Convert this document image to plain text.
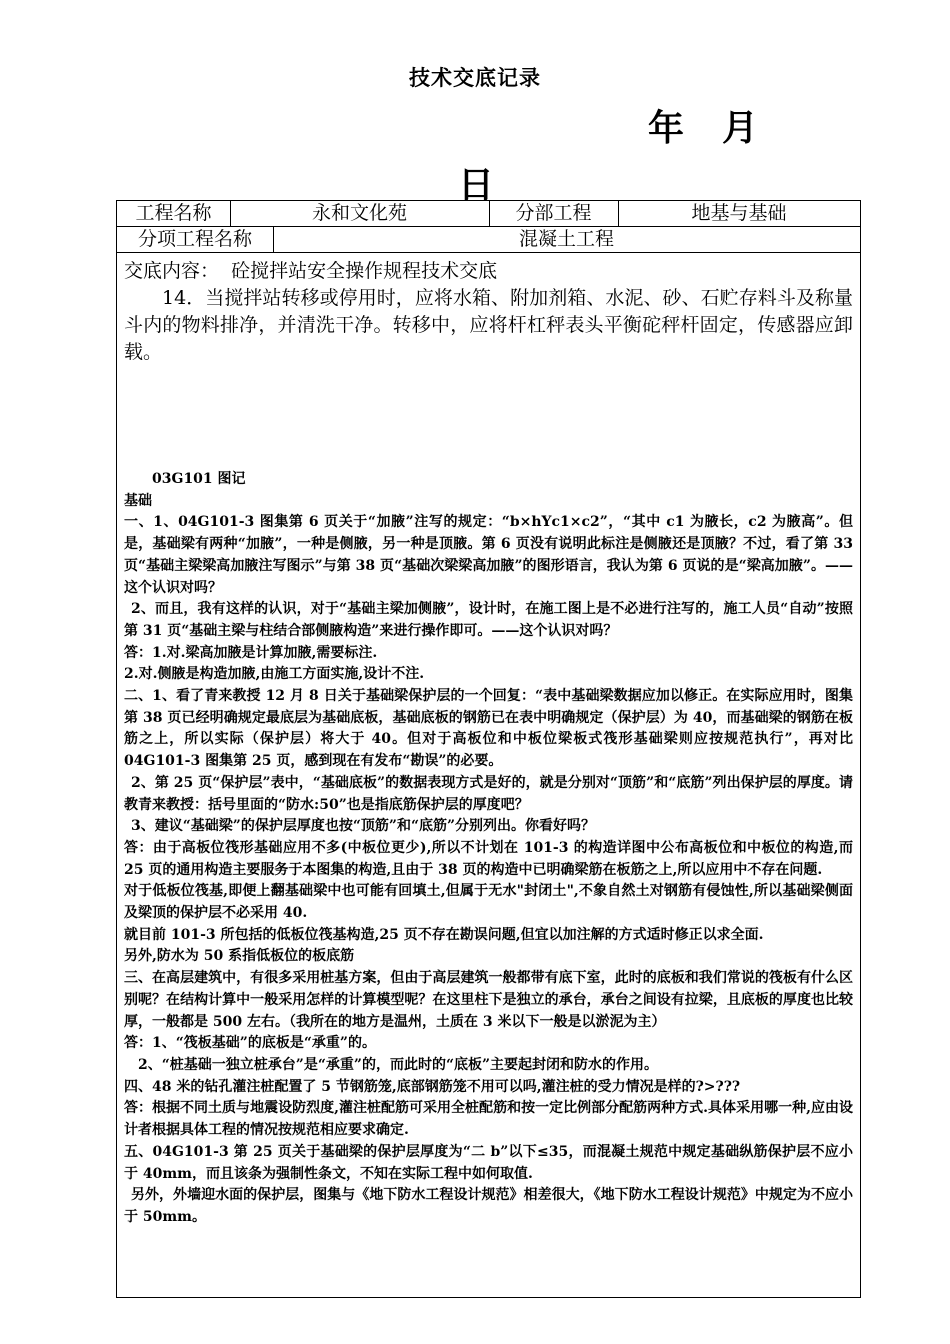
技术交底记录
年 月
日
工程名称	永和文化苑	分部工程	地基与基础
分项工程名称	混凝土工程

交底内容： 砼搅拌站安全操作规程技术交底

14．当搅拌站转移或停用时，应将水箱、附加剂箱、水泥、砂、石贮存料斗及称量斗内的物料排净，并清洗干净。转移中，应将杆杠秤表头平衡砣秤杆固定，传感器应卸载。

03G101 图记

基础

一、1、04G101-3 图集第 6 页关于“加腋”注写的规定：“b×hYc1×c2”，“其中 c1 为腋长，c2 为腋高”。但是，基础梁有两种“加腋”，一种是侧腋，另一种是顶腋。第 6 页没有说明此标注是侧腋还是顶腋？不过，看了第 33 页“基础主梁梁高加腋注写图示”与第 38 页“基础次梁梁高加腋”的图形语言，我认为第 6 页说的是“梁高加腋”。——这个认识对吗？

2、而且，我有这样的认识，对于“基础主梁加侧腋”，设计时，在施工图上是不必进行注写的，施工人员“自动”按照第 31 页“基础主梁与柱结合部侧腋构造”来进行操作即可。——这个认识对吗？

答：1.对.梁高加腋是计算加腋,需要标注.

2.对.侧腋是构造加腋,由施工方面实施,设计不注.

二、1、看了青来教授 12 月 8 日关于基础梁保护层的一个回复：“表中基础梁数据应加以修正。在实际应用时，图集第 38 页已经明确规定最底层为基础底板，基础底板的钢筋已在表中明确规定（保护层）为 40，而基础梁的钢筋在板筋之上，所以实际（保护层）将大于 40。但对于高板位和中板位梁板式筏形基础梁则应按规范执行”，再对比 04G101-3 图集第 25 页，感到现在有发布“勘误”的必要。

2、第 25 页“保护层”表中，“基础底板”的数据表现方式是好的，就是分别对“顶筋”和“底筋”列出保护层的厚度。请教青来教授：括号里面的“防水:50”也是指底筋保护层的厚度吧？

3、建议“基础梁”的保护层厚度也按“顶筋”和“底筋”分别列出。你看好吗？

答：由于高板位筏形基础应用不多(中板位更少),所以不计划在 101-3 的构造详图中公布高板位和中板位的构造,而 25 页的通用构造主要服务于本图集的构造,且由于 38 页的构造中已明确梁筋在板筋之上,所以应用中不存在问题.

对于低板位筏基,即便上翻基础梁中也可能有回填土,但属于无水"封闭土",不象自然土对钢筋有侵蚀性,所以基础梁侧面及梁顶的保护层不必采用 40.

就目前 101-3 所包括的低板位筏基构造,25 页不存在勘误问题,但宜以加注解的方式适时修正以求全面.

另外,防水为 50 系指低板位的板底筋

三、在高层建筑中，有很多采用桩基方案，但由于高层建筑一般都带有底下室，此时的底板和我们常说的筏板有什么区别呢？在结构计算中一般采用怎样的计算模型呢？在这里柱下是独立的承台，承台之间设有拉梁，且底板的厚度也比较厚，一般都是 500 左右。（我所在的地方是温州，土质在 3 米以下一般是以淤泥为主）

答：1、“筏板基础”的底板是“承重”的。

2、“桩基础一独立桩承台”是“承重”的，而此时的“底板”主要起封闭和防水的作用。

四、48 米的钻孔灌注桩配置了 5 节钢筋笼,底部钢筋笼不用可以吗,灌注桩的受力情况是样的?>???

答：根据不同土质与地震设防烈度,灌注桩配筋可采用全桩配筋和按一定比例部分配筋两种方式.具体采用哪一种,应由设计者根据具体工程的情况按规范相应要求确定.

五、04G101-3 第 25 页关于基础梁的保护层厚度为“二 b”以下≤35，而混凝土规范中规定基础纵筋保护层不应小于 40mm，而且该条为强制性条文，不知在实际工程中如何取值.

另外，外墙迎水面的保护层，图集与《地下防水工程设计规范》相差很大，《地下防水工程设计规范》中规定为不应小于 50mm。
